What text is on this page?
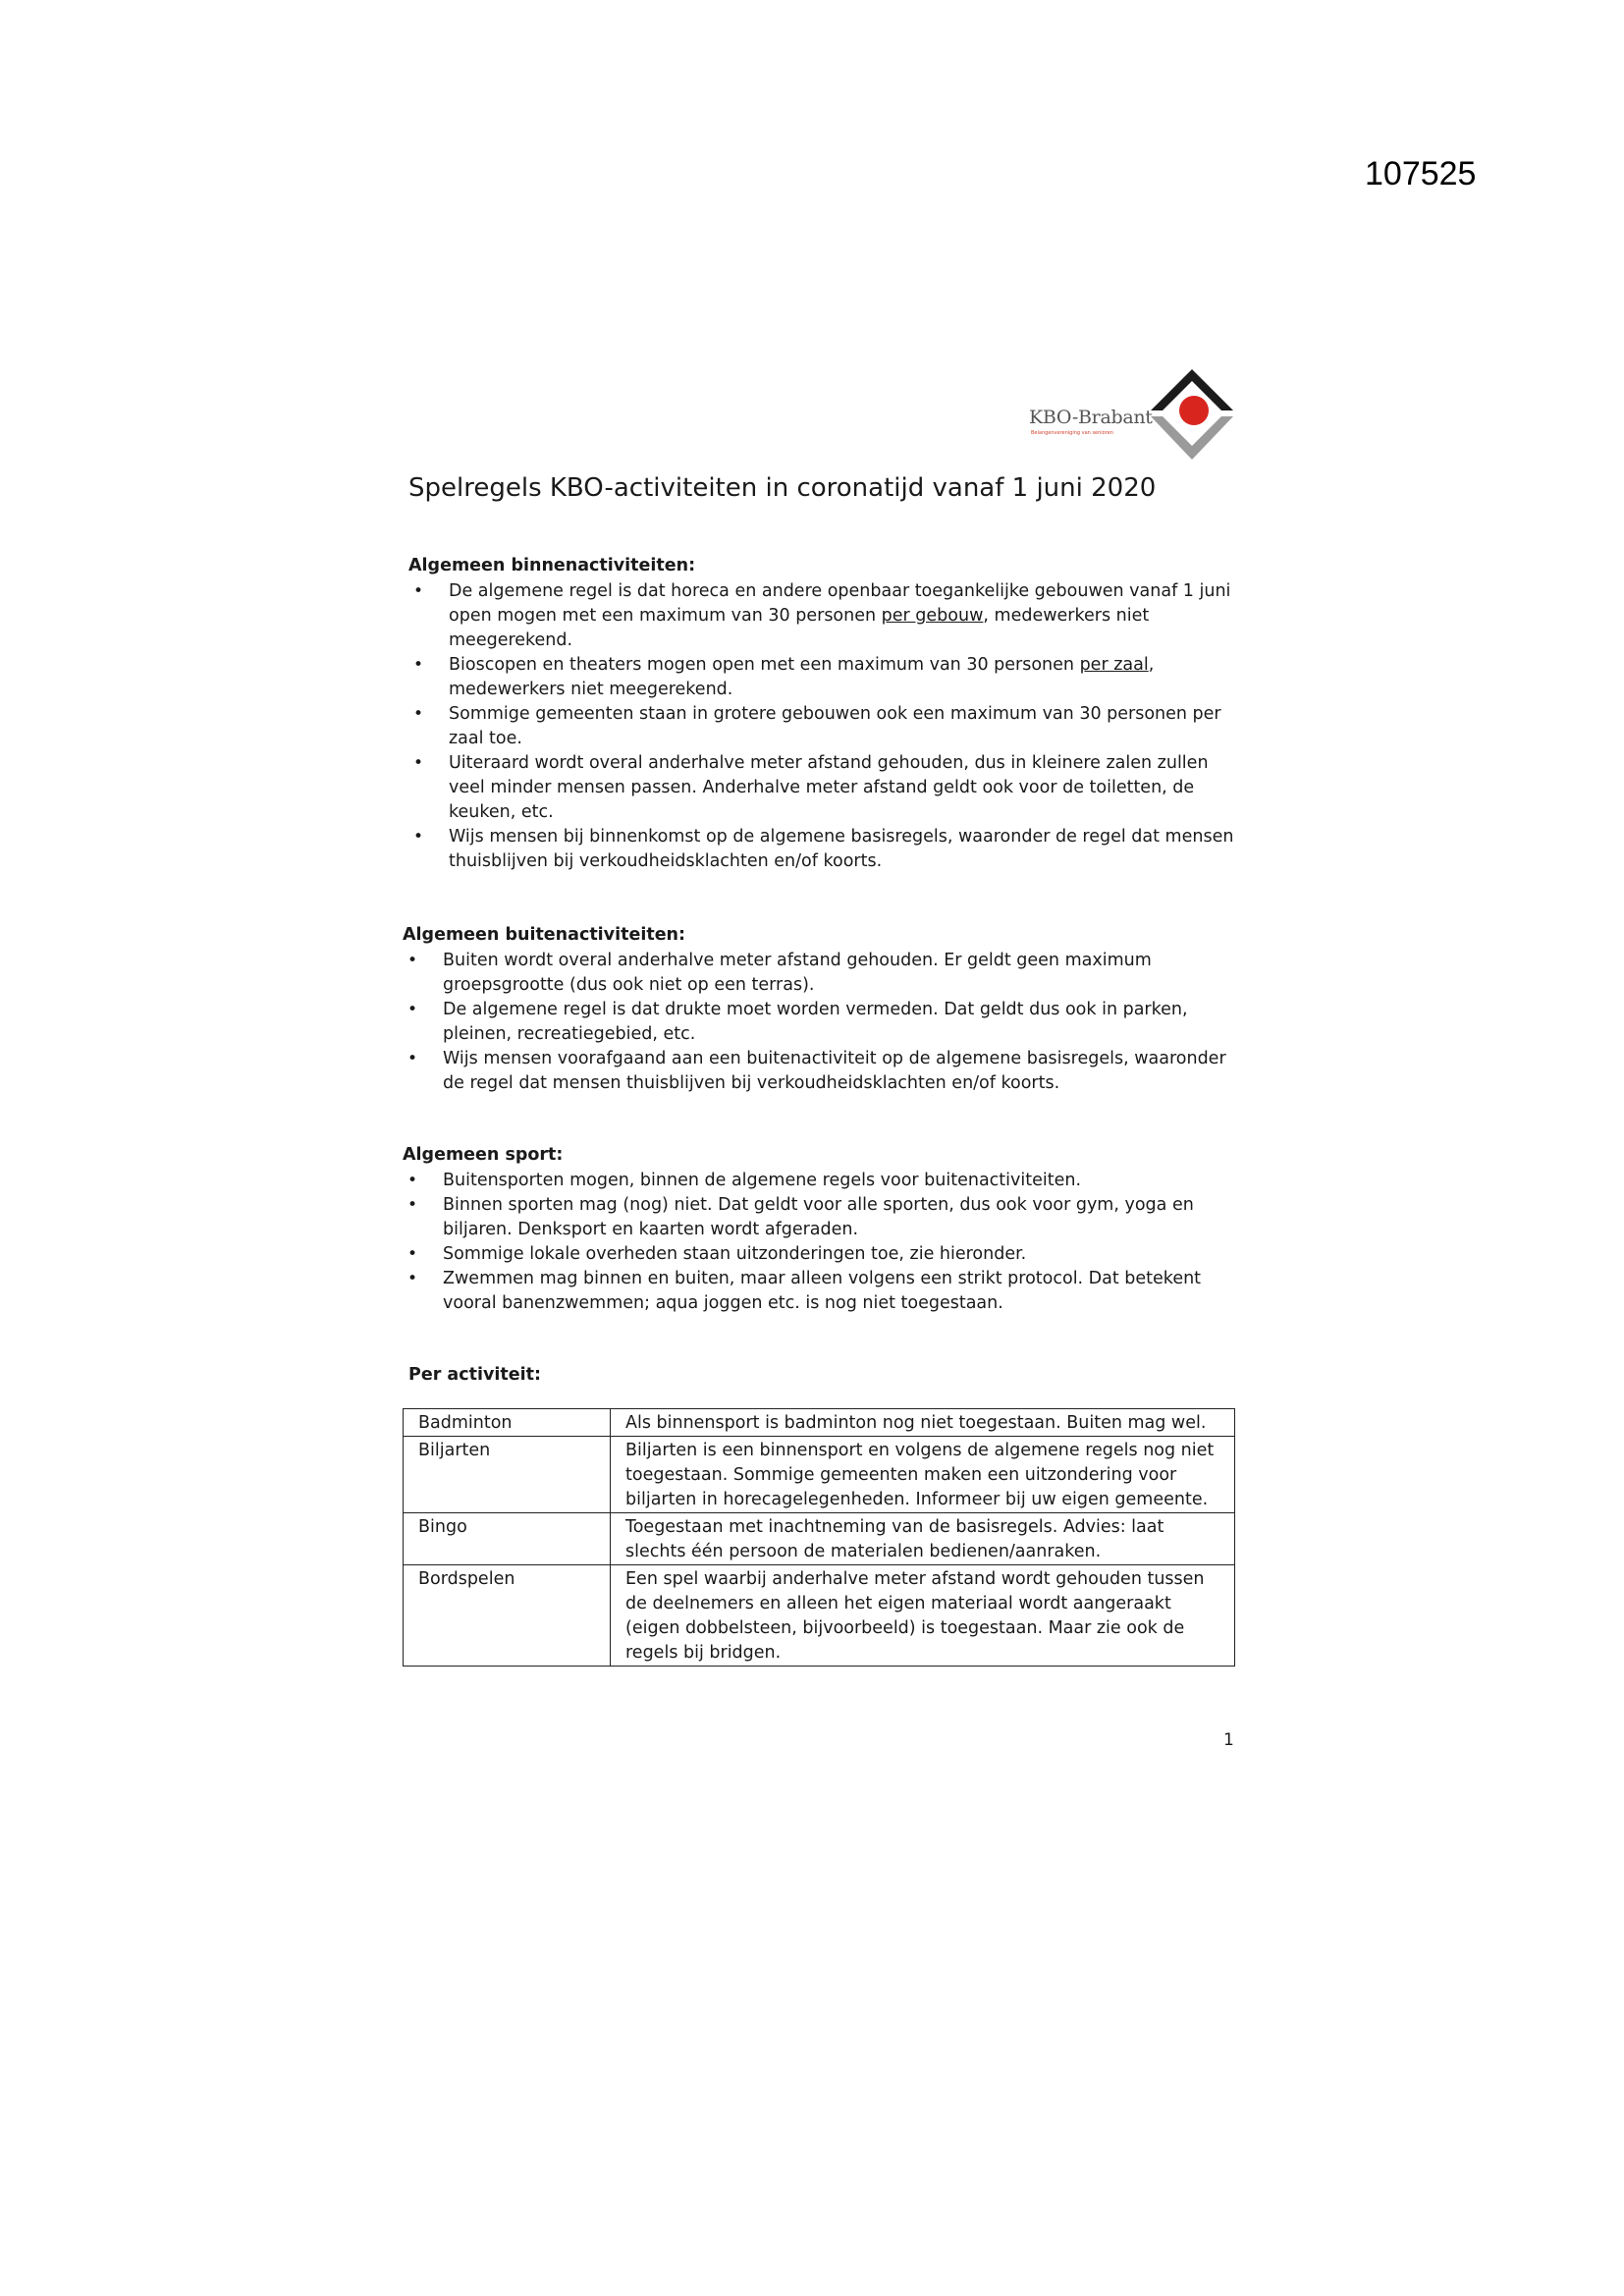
107525
KBO-Brabant
Belangenvereniging van senioren
Spelregels KBO-activiteiten in coronatijd vanaf 1 juni 2020
Algemeen binnenactiviteiten:
• De algemene regel is dat horeca en andere openbaar toegankelijke gebouwen vanaf 1 juni open mogen met een maximum van 30 personen per gebouw, medewerkers niet meegerekend.
• Bioscopen en theaters mogen open met een maximum van 30 personen per zaal, medewerkers niet meegerekend.
• Sommige gemeenten staan in grotere gebouwen ook een maximum van 30 personen per zaal toe.
• Uiteraard wordt overal anderhalve meter afstand gehouden, dus in kleinere zalen zullen veel minder mensen passen. Anderhalve meter afstand geldt ook voor de toiletten, de keuken, etc.
• Wijs mensen bij binnenkomst op de algemene basisregels, waaronder de regel dat mensen thuisblijven bij verkoudheidsklachten en/of koorts.
Algemeen buitenactiviteiten:
• Buiten wordt overal anderhalve meter afstand gehouden. Er geldt geen maximum groepsgrootte (dus ook niet op een terras).
• De algemene regel is dat drukte moet worden vermeden. Dat geldt dus ook in parken, pleinen, recreatiegebied, etc.
• Wijs mensen voorafgaand aan een buitenactiviteit op de algemene basisregels, waaronder de regel dat mensen thuisblijven bij verkoudheidsklachten en/of koorts.
Algemeen sport:
• Buitensporten mogen, binnen de algemene regels voor buitenactiviteiten.
• Binnen sporten mag (nog) niet. Dat geldt voor alle sporten, dus ook voor gym, yoga en biljaren. Denksport en kaarten wordt afgeraden.
• Sommige lokale overheden staan uitzonderingen toe, zie hieronder.
• Zwemmen mag binnen en buiten, maar alleen volgens een strikt protocol. Dat betekent vooral banenzwemmen; aqua joggen etc. is nog niet toegestaan.
Per activiteit:
Badminton	Als binnensport is badminton nog niet toegestaan. Buiten mag wel.
Biljarten	Biljarten is een binnensport en volgens de algemene regels nog niet toegestaan. Sommige gemeenten maken een uitzondering voor biljarten in horecagelegenheden. Informeer bij uw eigen gemeente.
Bingo	Toegestaan met inachtneming van de basisregels. Advies: laat slechts één persoon de materialen bedienen/aanraken.
Bordspelen	Een spel waarbij anderhalve meter afstand wordt gehouden tussen de deelnemers en alleen het eigen materiaal wordt aangeraakt (eigen dobbelsteen, bijvoorbeeld) is toegestaan. Maar zie ook de regels bij bridgen.
1
